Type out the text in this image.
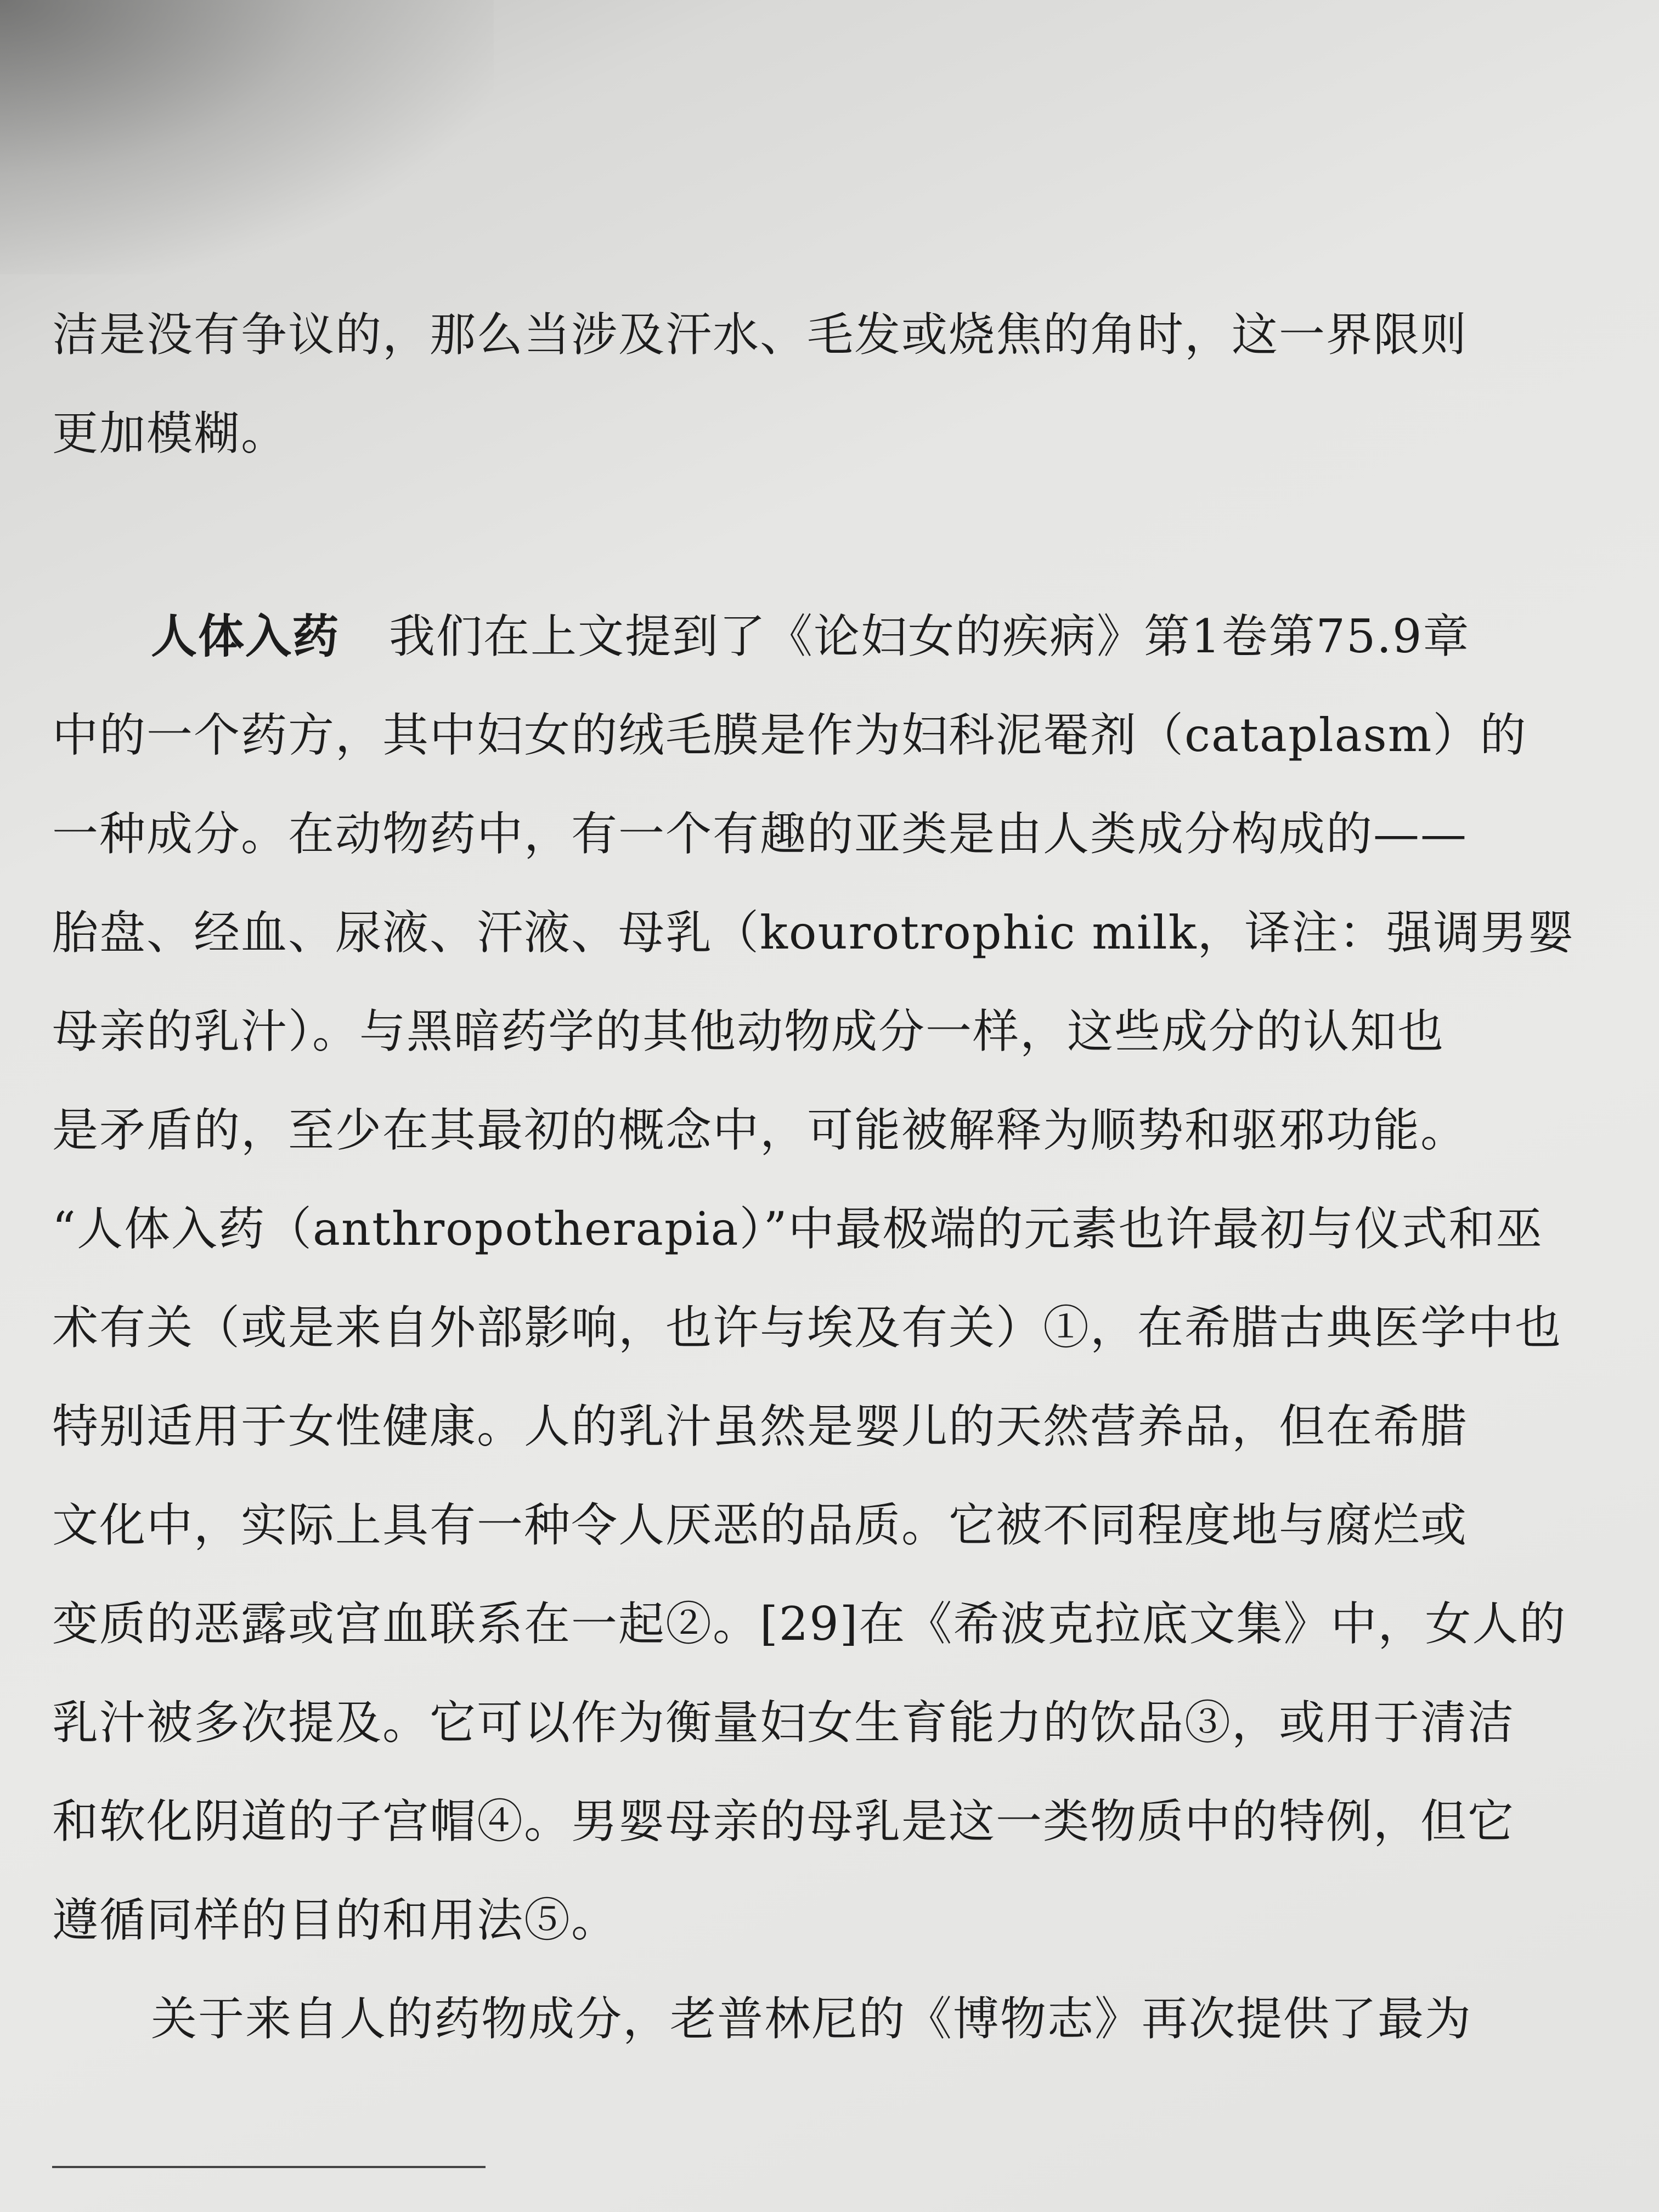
洁是没有争议的，那么当涉及汗水、毛发或烧焦的角时，这一界限则
更加模糊。
人体入药 我们在上文提到了《论妇女的疾病》第1卷第75.9章
中的一个药方，其中妇女的绒毛膜是作为妇科泥罨剂（cataplasm）的
一种成分。在动物药中，有一个有趣的亚类是由人类成分构成的——
胎盘、经血、尿液、汗液、母乳（kourotrophic milk，译注：强调男婴
母亲的乳汁）。与黑暗药学的其他动物成分一样，这些成分的认知也
是矛盾的，至少在其最初的概念中，可能被解释为顺势和驱邪功能。
“人体入药（anthropotherapia）”中最极端的元素也许最初与仪式和巫
术有关（或是来自外部影响，也许与埃及有关）①，在希腊古典医学中也
特别适用于女性健康。人的乳汁虽然是婴儿的天然营养品，但在希腊
文化中，实际上具有一种令人厌恶的品质。它被不同程度地与腐烂或
变质的恶露或宫血联系在一起②。[29]在《希波克拉底文集》中，女人的
乳汁被多次提及。它可以作为衡量妇女生育能力的饮品③，或用于清洁
和软化阴道的子宫帽④。男婴母亲的母乳是这一类物质中的特例，但它
遵循同样的目的和用法⑤。
关于来自人的药物成分，老普林尼的《博物志》再次提供了最为
